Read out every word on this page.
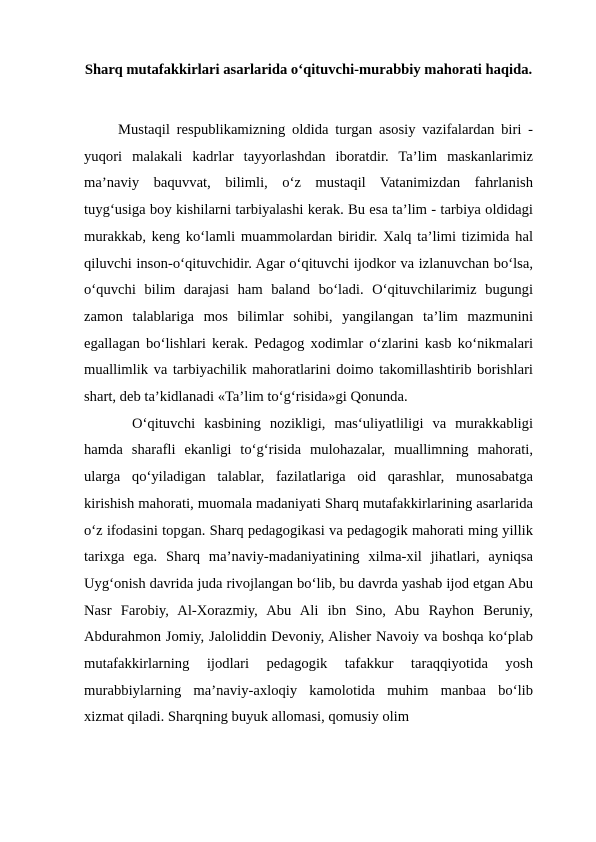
Sharq mutafakkirlari asarlarida o‘qituvchi-murabbiy mahorati haqida.

Mustaqil respublikamizning oldida turgan asosiy vazifalardan biri - yuqori malakali kadrlar tayyorlashdan iboratdir. Ta’lim maskanlarimiz ma’naviy baquvvat, bilimli, o‘z mustaqil Vatanimizdan fahrlanish tuyg‘usiga boy kishilarni tarbiyalashi kerak. Bu esa ta’lim - tarbiya oldidagi murakkab, keng ko‘lamli muammolardan biridir. Xalq ta’limi tizimida hal qiluvchi inson-o‘qituvchidir. Agar o‘qituvchi ijodkor va izlanuvchan bo‘lsa, o‘quvchi bilim darajasi ham baland bo‘ladi. O‘qituvchilarimiz bugungi zamon talablariga mos bilimlar sohibi, yangilangan ta’lim mazmunini egallagan bo‘lishlari kerak. Pedagog xodimlar o‘zlarini kasb ko‘nikmalari muallimlik va tarbiyachilik mahoratlarini doimo takomillashtirib borishlari shart, deb ta’kidlanadi «Ta’lim to‘g‘risida»gi Qonunda.

O‘qituvchi kasbining nozikligi, mas‘uliyatliligi va murakkabligi hamda sharafli ekanligi to‘g‘risida mulohazalar, muallimning mahorati, ularga qo‘yiladigan talablar, fazilatlariga oid qarashlar, munosabatga kirishish mahorati, muomala madaniyati Sharq mutafakkirlarining asarlarida o‘z ifodasini topgan. Sharq pedagogikasi va pedagogik mahorati ming yillik tarixga ega. Sharq ma’naviy-madaniyatining xilma-xil jihatlari, ayniqsa Uyg‘onish davrida juda rivojlangan bo‘lib, bu davrda yashab ijod etgan Abu Nasr Farobiy, Al-Xorazmiy, Abu Ali ibn Sino, Abu Rayhon Beruniy, Abdurahmon Jomiy, Jaloliddin Devoniy, Alisher Navoiy va boshqa ko‘plab mutafakkirlarning ijodlari pedagogik tafakkur taraqqiyotida yosh murabbiylarning ma’naviy-axloqiy kamolotida muhim manbaa bo‘lib xizmat qiladi. Sharqning buyuk allomasi, qomusiy olim
